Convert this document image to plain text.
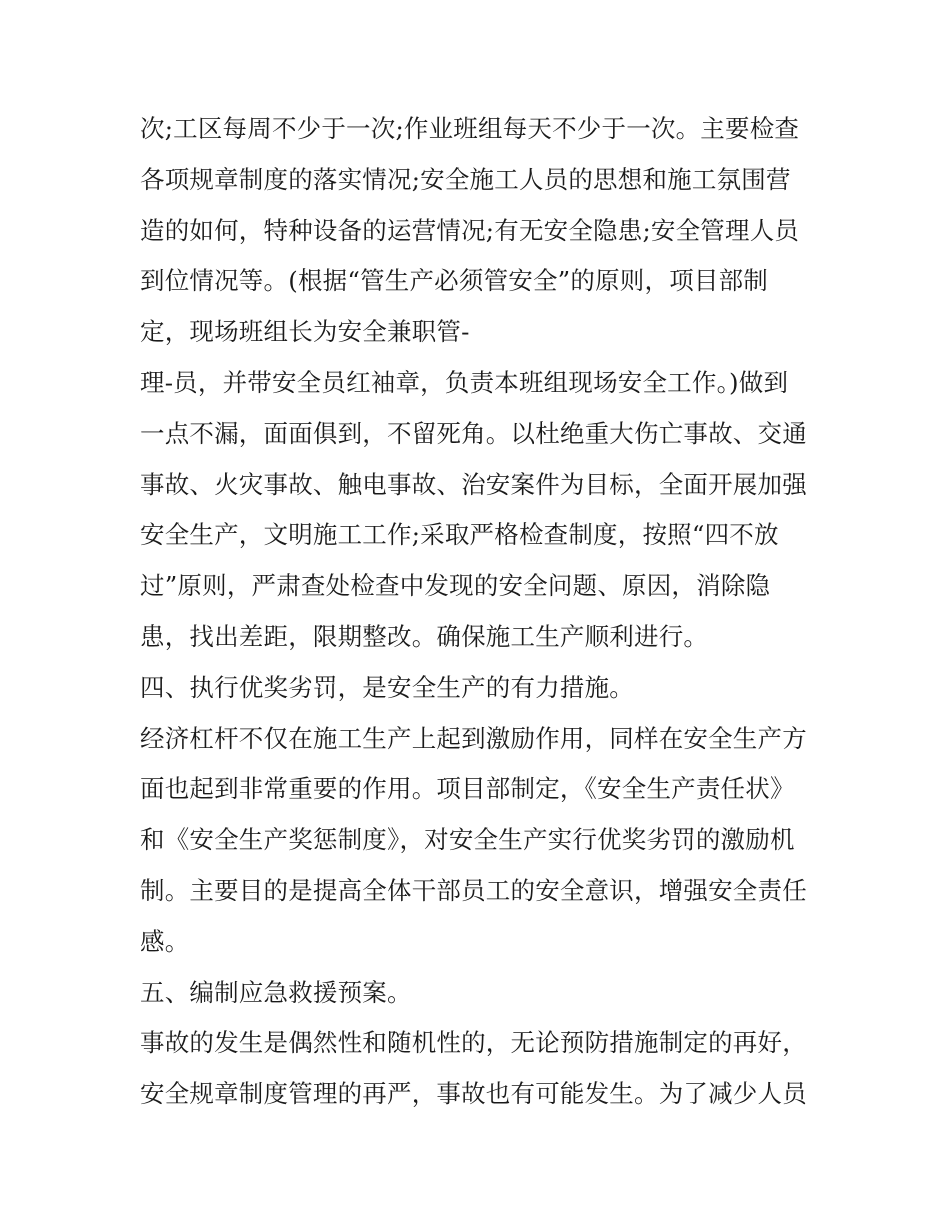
次;工区每周不少于一次;作业班组每天不少于一次。主要检查
各项规章制度的落实情况;安全施工人员的思想和施工氛围营
造的如何，特种设备的运营情况;有无安全隐患;安全管理人员
到位情况等。(根据“管生产必须管安全”的原则，项目部制
定，现场班组长为安全兼职管-
理-员，并带安全员红袖章，负责本班组现场安全工作。)做到
一点不漏，面面俱到，不留死角。以杜绝重大伤亡事故、交通
事故、火灾事故、触电事故、治安案件为目标，全面开展加强
安全生产，文明施工工作;采取严格检查制度，按照“四不放
过”原则，严肃查处检查中发现的安全问题、原因，消除隐
患，找出差距，限期整改。确保施工生产顺利进行。
四、执行优奖劣罚，是安全生产的有力措施。
经济杠杆不仅在施工生产上起到激励作用，同样在安全生产方
面也起到非常重要的作用。项目部制定，《安全生产责任状》
和《安全生产奖惩制度》，对安全生产实行优奖劣罚的激励机
制。主要目的是提高全体干部员工的安全意识，增强安全责任
感。
五、编制应急救援预案。
事故的发生是偶然性和随机性的，无论预防措施制定的再好，
安全规章制度管理的再严，事故也有可能发生。为了减少人员
